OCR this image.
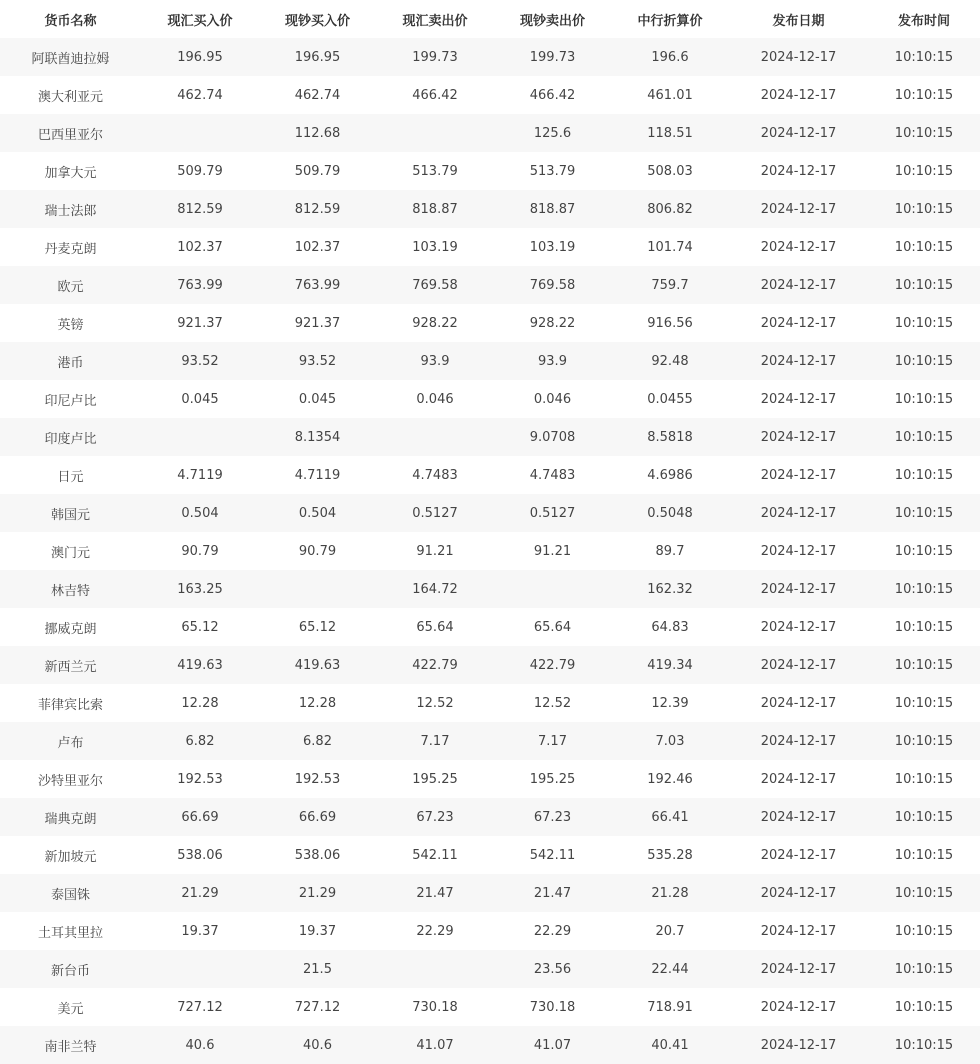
货币名称	现汇买入价	现钞买入价	现汇卖出价	现钞卖出价	中行折算价	发布日期	发布时间
阿联酋迪拉姆	196.95	196.95	199.73	199.73	196.6	2024-12-17	10:10:15
澳大利亚元	462.74	462.74	466.42	466.42	461.01	2024-12-17	10:10:15
巴西里亚尔		112.68		125.6	118.51	2024-12-17	10:10:15
加拿大元	509.79	509.79	513.79	513.79	508.03	2024-12-17	10:10:15
瑞士法郎	812.59	812.59	818.87	818.87	806.82	2024-12-17	10:10:15
丹麦克朗	102.37	102.37	103.19	103.19	101.74	2024-12-17	10:10:15
欧元	763.99	763.99	769.58	769.58	759.7	2024-12-17	10:10:15
英镑	921.37	921.37	928.22	928.22	916.56	2024-12-17	10:10:15
港币	93.52	93.52	93.9	93.9	92.48	2024-12-17	10:10:15
印尼卢比	0.045	0.045	0.046	0.046	0.0455	2024-12-17	10:10:15
印度卢比		8.1354		9.0708	8.5818	2024-12-17	10:10:15
日元	4.7119	4.7119	4.7483	4.7483	4.6986	2024-12-17	10:10:15
韩国元	0.504	0.504	0.5127	0.5127	0.5048	2024-12-17	10:10:15
澳门元	90.79	90.79	91.21	91.21	89.7	2024-12-17	10:10:15
林吉特	163.25		164.72		162.32	2024-12-17	10:10:15
挪威克朗	65.12	65.12	65.64	65.64	64.83	2024-12-17	10:10:15
新西兰元	419.63	419.63	422.79	422.79	419.34	2024-12-17	10:10:15
菲律宾比索	12.28	12.28	12.52	12.52	12.39	2024-12-17	10:10:15
卢布	6.82	6.82	7.17	7.17	7.03	2024-12-17	10:10:15
沙特里亚尔	192.53	192.53	195.25	195.25	192.46	2024-12-17	10:10:15
瑞典克朗	66.69	66.69	67.23	67.23	66.41	2024-12-17	10:10:15
新加坡元	538.06	538.06	542.11	542.11	535.28	2024-12-17	10:10:15
泰国铢	21.29	21.29	21.47	21.47	21.28	2024-12-17	10:10:15
土耳其里拉	19.37	19.37	22.29	22.29	20.7	2024-12-17	10:10:15
新台币		21.5		23.56	22.44	2024-12-17	10:10:15
美元	727.12	727.12	730.18	730.18	718.91	2024-12-17	10:10:15
南非兰特	40.6	40.6	41.07	41.07	40.41	2024-12-17	10:10:15
